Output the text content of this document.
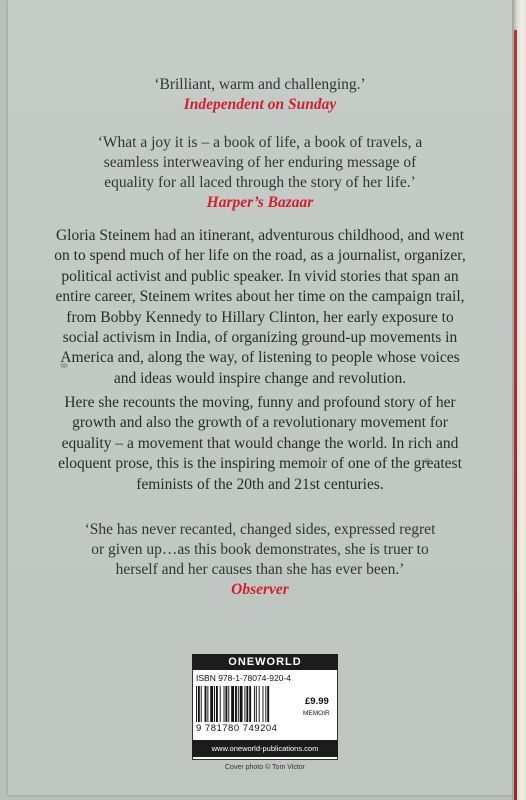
‘Brilliant, warm and challenging.’
Independent on Sunday
‘What a joy it is – a book of life, a book of travels, a
seamless interweaving of her enduring message of
equality for all laced through the story of her life.’
Harper’s Bazaar
Gloria Steinem had an itinerant, adventurous childhood, and went
on to spend much of her life on the road, as a journalist, organizer,
political activist and public speaker. In vivid stories that span an
entire career, Steinem writes about her time on the campaign trail,
from Bobby Kennedy to Hillary Clinton, her early exposure to
social activism in India, of organizing ground-up movements in
America and, along the way, of listening to people whose voices
and ideas would inspire change and revolution.
Here she recounts the moving, funny and profound story of her
growth and also the growth of a revolutionary movement for
equality – a movement that would change the world. In rich and
eloquent prose, this is the inspiring memoir of one of the greatest
feminists of the 20th and 21st centuries.
‘She has never recanted, changed sides, expressed regret
or given up…as this book demonstrates, she is truer to
herself and her causes than she has ever been.’
Observer
ONEWORLD
ISBN 978-1-78074-920-4
9 781780 749204
£9.99
MEMOIR
www.oneworld-publications.com
Cover photo © Tom Victor
